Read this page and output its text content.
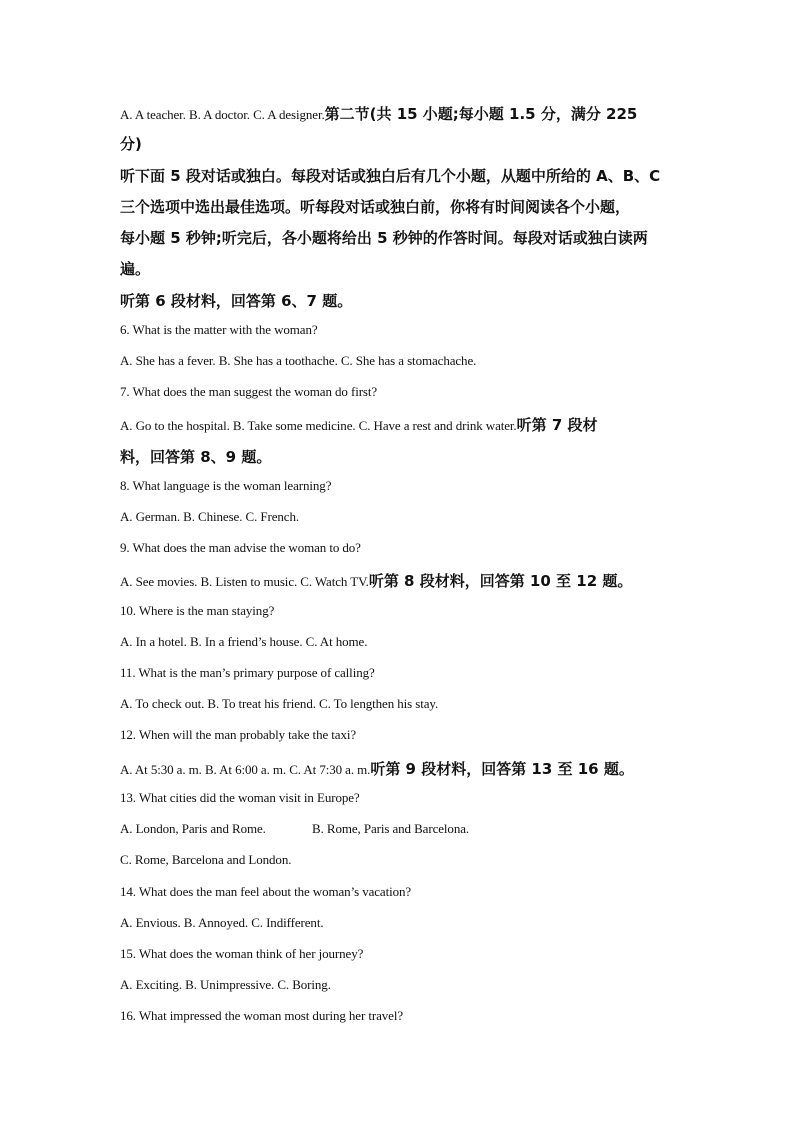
A. A teacher. B. A doctor. C. A designer.第二节(共 15 小题;每小题 1.5 分，满分 225
分)
听下面 5 段对话或独白。每段对话或独白后有几个小题，从题中所给的 A、B、C
三个选项中选出最佳选项。听每段对话或独白前，你将有时间阅读各个小题，
每小题 5 秒钟;听完后，各小题将给出 5 秒钟的作答时间。每段对话或独白读两
遍。
听第 6 段材料，回答第 6、7 题。
6. What is the matter with the woman?
A. She has a fever. B. She has a toothache. C. She has a stomachache.
7. What does the man suggest the woman do first?
A. Go to the hospital. B. Take some medicine. C. Have a rest and drink water.听第 7 段材
料，回答第 8、9 题。
8. What language is the woman learning?
A. German. B. Chinese. C. French.
9. What does the man advise the woman to do?
A. See movies. B. Listen to music. C. Watch TV.听第 8 段材料，回答第 10 至 12 题。
10. Where is the man staying?
A. In a hotel. B. In a friend’s house. C. At home.
11. What is the man’s primary purpose of calling?
A. To check out. B. To treat his friend. C. To lengthen his stay.
12. When will the man probably take the taxi?
A. At 5:30 a. m. B. At 6:00 a. m. C. At 7:30 a. m.听第 9 段材料，回答第 13 至 16 题。
13. What cities did the woman visit in Europe?
A. London, Paris and Rome.	B. Rome, Paris and Barcelona.
C. Rome, Barcelona and London.
14. What does the man feel about the woman’s vacation?
A. Envious. B. Annoyed. C. Indifferent.
15. What does the woman think of her journey?
A. Exciting. B. Unimpressive. C. Boring.
16. What impressed the woman most during her travel?
